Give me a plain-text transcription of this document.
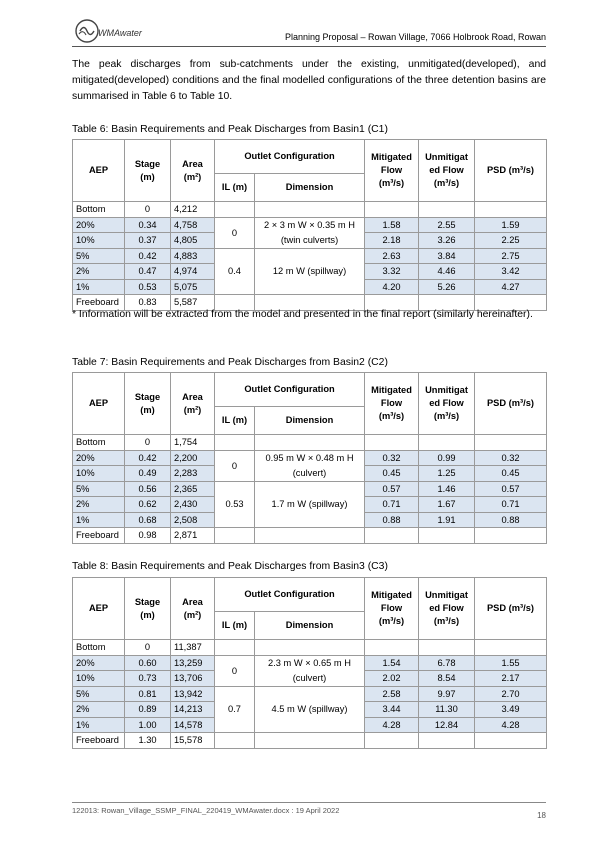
WMAwater	Planning Proposal – Rowan Village, 7066 Holbrook Road, Rowan

The peak discharges from sub-catchments under the existing, unmitigated(developed), and mitigated(developed) conditions and the final modelled configurations of the three detention basins are summarised in Table 6 to Table 10.

Table 6: Basin Requirements and Peak Discharges from Basin1 (C1)

AEP	Stage (m)	Area (m²)	Outlet Configuration		Mitigated Flow (m³/s)	Unmitigat ed Flow (m³/s)	PSD (m³/s)
			IL (m)	Dimension			
Bottom	0	4,212					
20%	0.34	4,758	0	2 × 3 m W × 0.35 m H
(twin culverts)	1.58	2.55	1.59
10%	0.37	4,805			2.18	3.26	2.25
5%	0.42	4,883	0.4	12 m W (spillway)	2.63	3.84	2.75
2%	0.47	4,974			3.32	4.46	3.42
1%	0.53	5,075			4.20	5.26	4.27
Freeboard	0.83	5,587					

* Information will be extracted from the model and presented in the final report (similarly hereinafter).

Table 7: Basin Requirements and Peak Discharges from Basin2 (C2)

AEP	Stage (m)	Area (m²)	Outlet Configuration		Mitigated Flow (m³/s)	Unmitigat ed Flow (m³/s)	PSD (m³/s)
			IL (m)	Dimension			
Bottom	0	1,754					
20%	0.42	2,200	0	0.95 m W × 0.48 m H
(culvert)	0.32	0.99	0.32
10%	0.49	2,283			0.45	1.25	0.45
5%	0.56	2,365	0.53	1.7 m W (spillway)	0.57	1.46	0.57
2%	0.62	2,430			0.71	1.67	0.71
1%	0.68	2,508			0.88	1.91	0.88
Freeboard	0.98	2,871					

Table 8: Basin Requirements and Peak Discharges from Basin3 (C3)

AEP	Stage (m)	Area (m²)	Outlet Configuration		Mitigated Flow (m³/s)	Unmitigat ed Flow (m³/s)	PSD (m³/s)
			IL (m)	Dimension			
Bottom	0	11,387					
20%	0.60	13,259	0	2.3 m W × 0.65 m H
(culvert)	1.54	6.78	1.55
10%	0.73	13,706			2.02	8.54	2.17
5%	0.81	13,942	0.7	4.5 m W (spillway)	2.58	9.97	2.70
2%	0.89	14,213			3.44	11.30	3.49
1%	1.00	14,578			4.28	12.84	4.28
Freeboard	1.30	15,578					
122013: Rowan_Village_SSMP_FINAL_220419_WMAwater.docx : 19 April 2022
18
